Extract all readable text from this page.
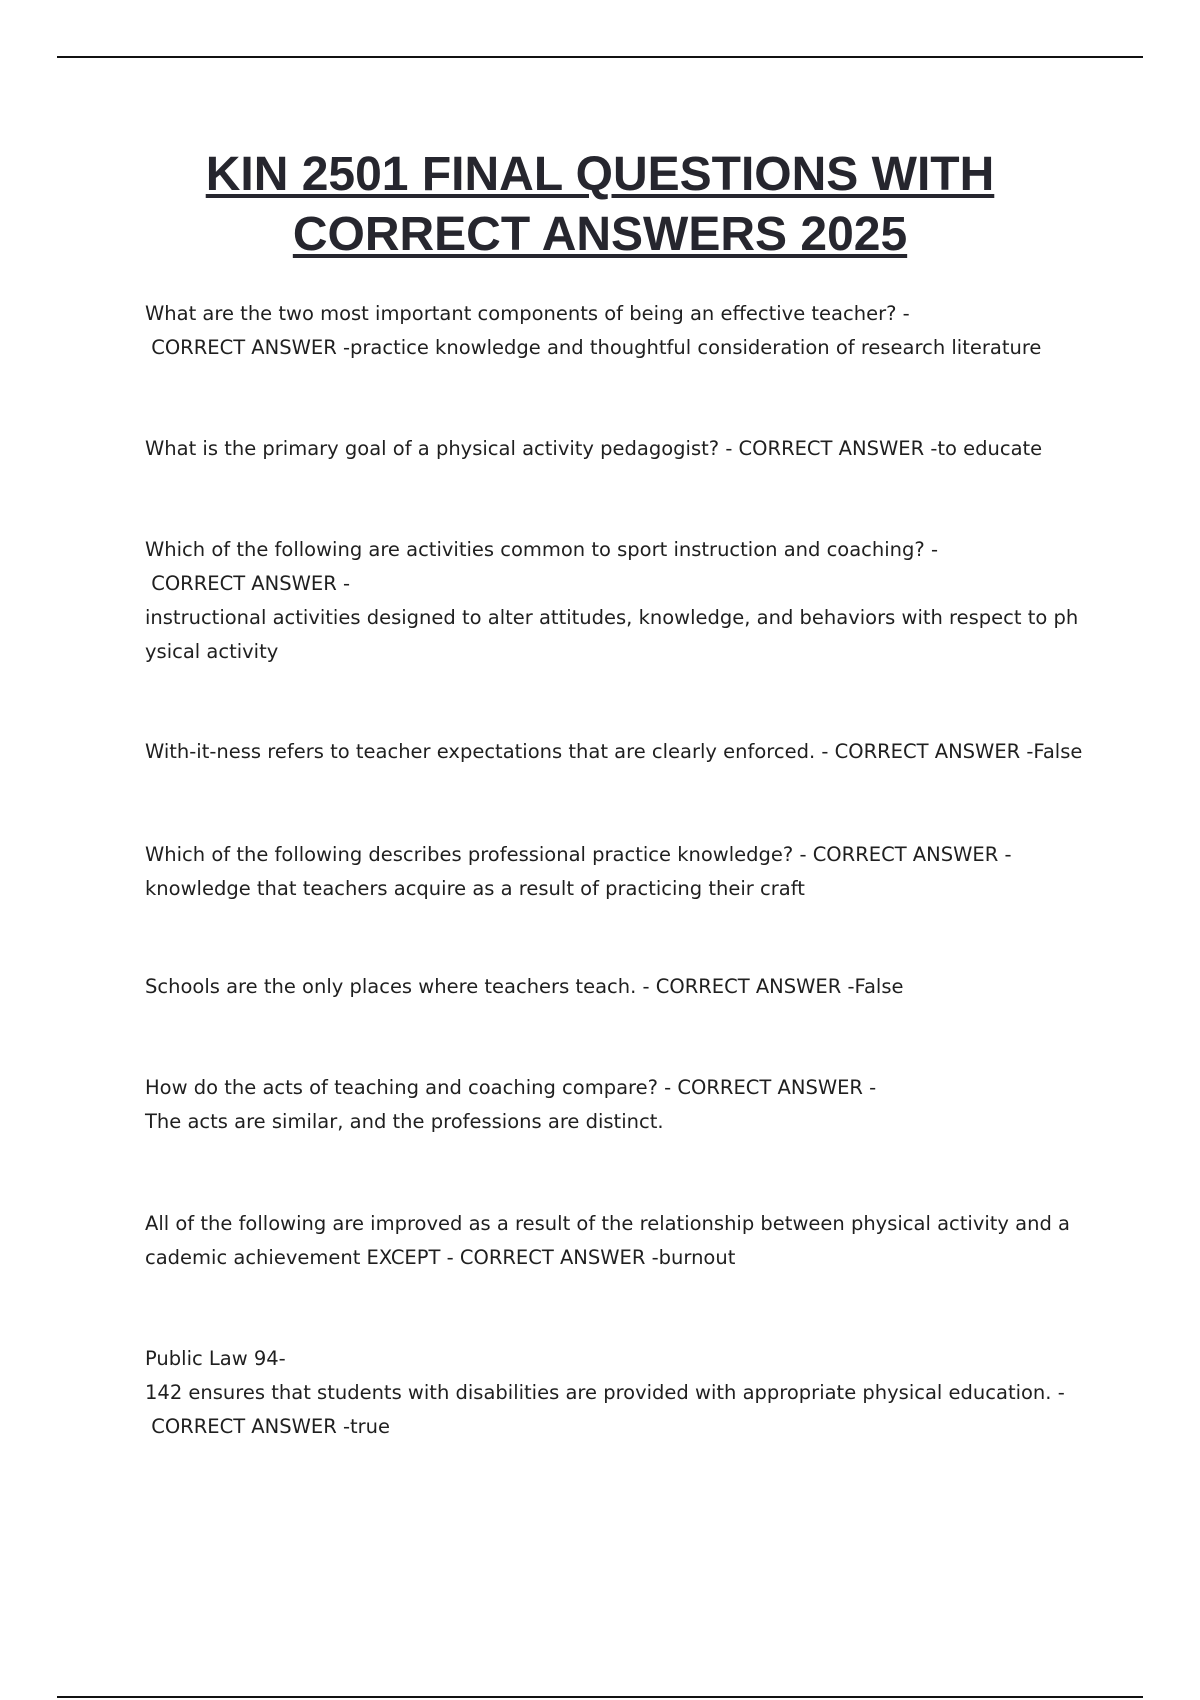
KIN 2501 FINAL QUESTIONS WITH
CORRECT ANSWERS 2025
What are the two most important components of being an effective teacher? -
CORRECT ANSWER -practice knowledge and thoughtful consideration of research literature
What is the primary goal of a physical activity pedagogist? - CORRECT ANSWER -to educate
Which of the following are activities common to sport instruction and coaching? -
CORRECT ANSWER -
instructional activities designed to alter attitudes, knowledge, and behaviors with respect to ph
ysical activity
With-it-ness refers to teacher expectations that are clearly enforced. - CORRECT ANSWER -False
Which of the following describes professional practice knowledge? - CORRECT ANSWER -
knowledge that teachers acquire as a result of practicing their craft
Schools are the only places where teachers teach. - CORRECT ANSWER -False
How do the acts of teaching and coaching compare? - CORRECT ANSWER -
The acts are similar, and the professions are distinct.
All of the following are improved as a result of the relationship between physical activity and a
cademic achievement EXCEPT - CORRECT ANSWER -burnout
Public Law 94-
142 ensures that students with disabilities are provided with appropriate physical education. -
CORRECT ANSWER -true
